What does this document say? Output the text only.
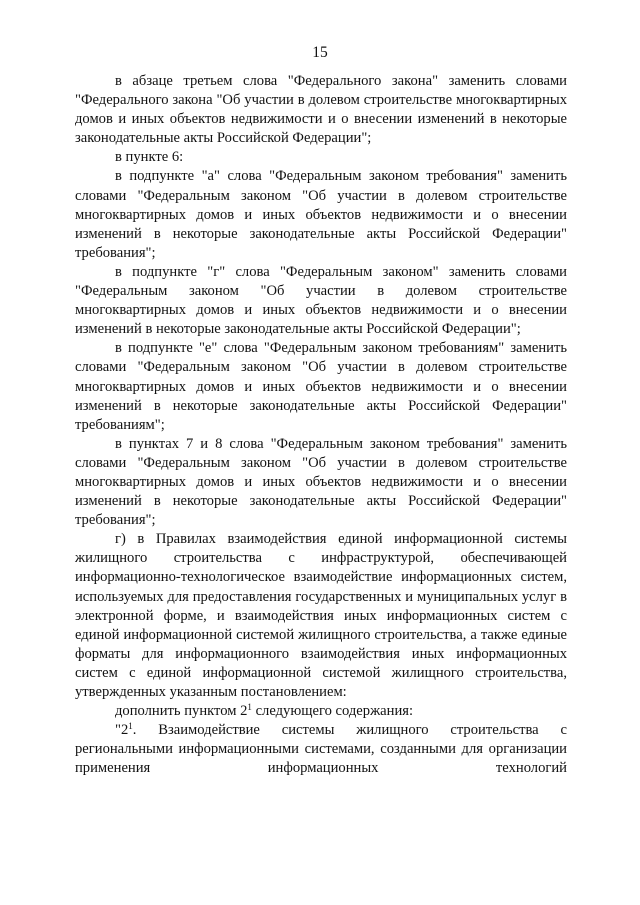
15

в абзаце третьем слова "Федерального закона" заменить словами "Федерального закона "Об участии в долевом строительстве многоквартирных домов и иных объектов недвижимости и о внесении изменений в некоторые законодательные акты Российской Федерации";

в пункте 6:

в подпункте "а" слова "Федеральным законом требования" заменить словами "Федеральным законом "Об участии в долевом строительстве многоквартирных домов и иных объектов недвижимости и о внесении изменений в некоторые законодательные акты Российской Федерации" требования";

в подпункте "г" слова "Федеральным законом" заменить словами "Федеральным законом "Об участии в долевом строительстве многоквартирных домов и иных объектов недвижимости и о внесении изменений в некоторые законодательные акты Российской Федерации";

в подпункте "е" слова "Федеральным законом требованиям" заменить словами "Федеральным законом "Об участии в долевом строительстве многоквартирных домов и иных объектов недвижимости и о внесении изменений в некоторые законодательные акты Российской Федерации" требованиям";

в пунктах 7 и 8 слова "Федеральным законом требования" заменить словами "Федеральным законом "Об участии в долевом строительстве многоквартирных домов и иных объектов недвижимости и о внесении изменений в некоторые законодательные акты Российской Федерации" требования";

г) в Правилах взаимодействия единой информационной системы жилищного строительства с инфраструктурой, обеспечивающей информационно-технологическое взаимодействие информационных систем, используемых для предоставления государственных и муниципальных услуг в электронной форме, и взаимодействия иных информационных систем с единой информационной системой жилищного строительства, а также единые форматы для информационного взаимодействия иных информационных систем с единой информационной системой жилищного строительства, утвержденных указанным постановлением:

дополнить пунктом $2^1$ следующего содержания:

"$2^1$. Взаимодействие системы жилищного строительства с региональными информационными системами, созданными для организации применения информационных технологий
